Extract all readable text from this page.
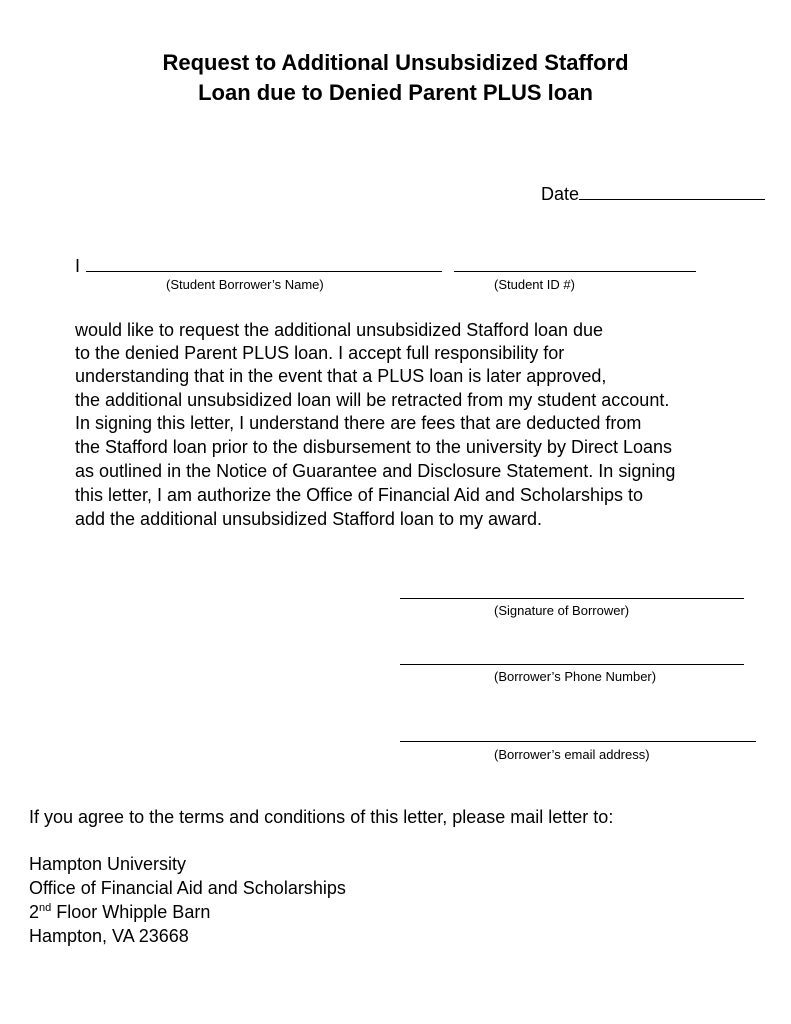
Request to Additional Unsubsidized Stafford
Loan due to Denied Parent PLUS loan
Date
I
(Student Borrower’s Name)	(Student ID #)
would like to request the additional unsubsidized Stafford loan due
to the denied Parent PLUS loan. I accept full responsibility for
understanding that in the event that a PLUS loan is later approved,
the additional unsubsidized loan will be retracted from my student account.
In signing this letter, I understand there are fees that are deducted from
the Stafford loan prior to the disbursement to the university by Direct Loans
as outlined in the Notice of Guarantee and Disclosure Statement. In signing
this letter, I am authorize the Office of Financial Aid and Scholarships to
add the additional unsubsidized Stafford loan to my award.
(Signature of Borrower)
(Borrower’s Phone Number)
(Borrower’s email address)
If you agree to the terms and conditions of this letter, please mail letter to:
Hampton University
Office of Financial Aid and Scholarships
2nd Floor Whipple Barn
Hampton, VA 23668
